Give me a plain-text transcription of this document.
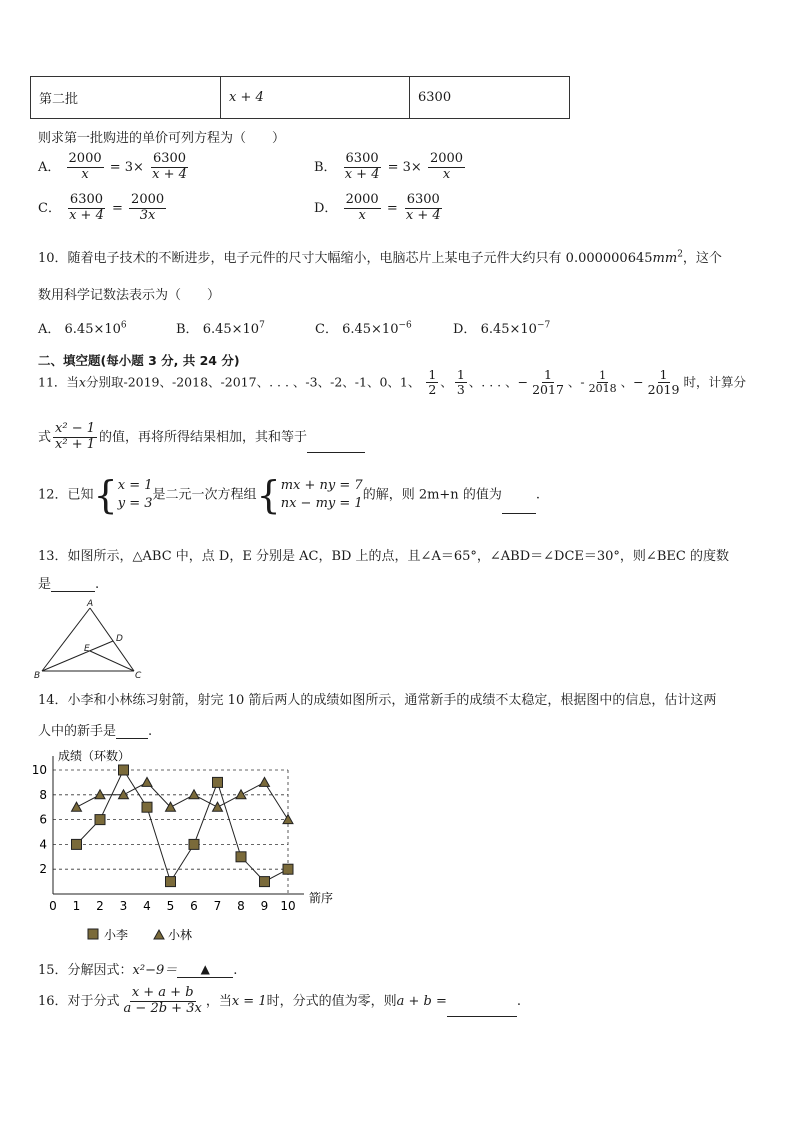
第二批	x + 4	6300
则求第一批购进的单价可列方程为（　　）
A． $\frac{2000}{x} = 3\times \frac{6300}{x + 4}$	B． $\frac{6300}{x + 4} = 3\times \frac{2000}{x}$
C． $\frac{6300}{x + 4} = \frac{2000}{3x}$	D． $\frac{2000}{x} = \frac{6300}{x + 4}$
10．随着电子技术的不断进步，电子元件的尺寸大幅缩小，电脑芯片上某电子元件大约只有 $0.000000645mm^2$，这个
数用科学记数法表示为（　　）
A． $6.45\times 10^6$	B． $6.45\times 10^7$	C． $6.45\times 10^{-6}$	D． $6.45\times 10^{-7}$
二、填空题(每小题 3 分, 共 24 分)
11．当x分别取-2019、-2018、-2017、. . . 、-3、-2、-1、0、1、 $\frac{1}{2}$ 、 $\frac{1}{3}$ 、. . . 、− $\frac{1}{2017}$ 、- $\frac{1}{2018}$ 、− $\frac{1}{2019}$ 时，计算分
式 $\frac{\text{x² − 1}}{\text{x² + 1}}$ 的值，再将所得结果相加，其和等于
12．已知{ x = 1
y = 3
是二元一次方程组{ mx + ny = 7
nx − my = 1
的解，则 2m+n 的值为	.
13．如图所示，△ABC 中，点 D，E 分别是 AC，BD 上的点，且∠A＝65°，∠ABD＝∠DCE＝30°，则∠BEC 的度数
是	.
A
B	C
D
E
14．小李和小林练习射箭，射完 10 箭后两人的成绩如图所示，通常新手的成绩不太稳定，根据图中的信息，估计这两
人中的新手是 .
2
4
6
8
10
0 1 2 3 4 5 6 7 8 9 10
成绩（环数）
箭序
小李	小林
15．分解因式：x²−9＝ ▲ .
16．对于分式 $\frac{x + a + b}{a - 2b + 3x}$ ，当x = 1时，分式的值为零，则a + b =	.
